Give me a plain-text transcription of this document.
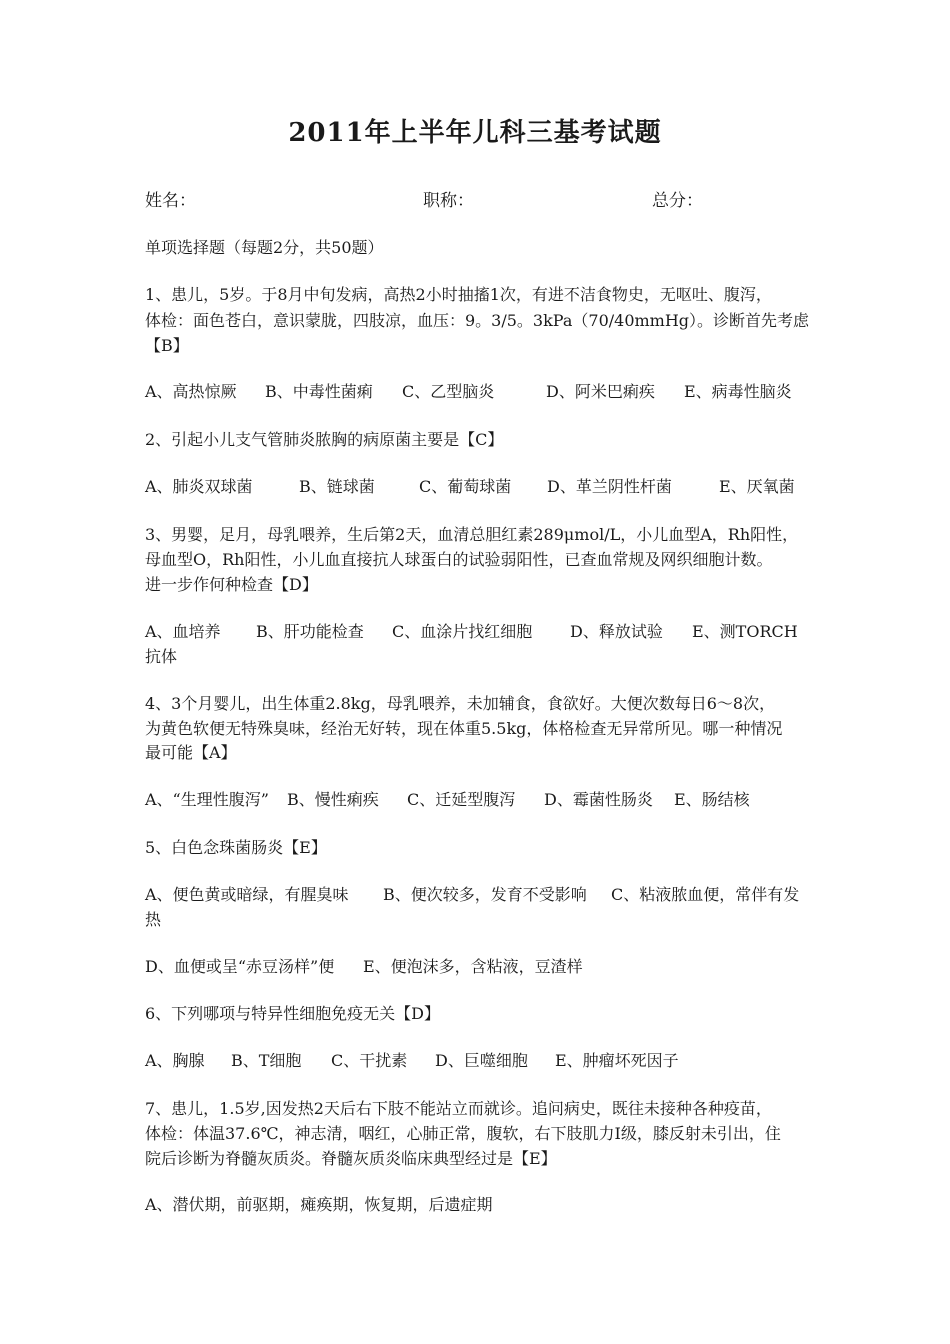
2011年上半年儿科三基考试题
姓名：	职称：	总分：
单项选择题（每题2分，共50题）
1、患儿，5岁。于8月中旬发病，高热2小时抽搐1次，有进不洁食物史，无呕吐、腹泻，
体检：面色苍白，意识蒙胧，四肢凉，血压：9。3/5。3kPa（70/40mmHg）。诊断首先考虑
【B】
A、高热惊厥 B、中毒性菌痢 C、乙型脑炎	D、阿米巴痢疾 E、病毒性脑炎
2、引起小儿支气管肺炎脓胸的病原菌主要是【C】
A、肺炎双球菌	B、链球菌	C、葡萄球菌 D、革兰阴性杆菌	E、厌氧菌
3、男婴，足月，母乳喂养，生后第2天，血清总胆红素289μmol/L，小儿血型A，Rh阳性，
母血型O，Rh阳性，小儿血直接抗人球蛋白的试验弱阳性，已查血常规及网织细胞计数。
进一步作何种检查【D】
A、血培养 B、肝功能检查 C、血涂片找红细胞 D、释放试验 E、测TORCH
抗体
4、3个月婴儿，出生体重2.8kg，母乳喂养，未加辅食，食欲好。大便次数每日6～8次，
为黄色软便无特殊臭味，经治无好转，现在体重5.5kg，体格检查无异常所见。哪一种情况
最可能【A】
A、“生理性腹泻” B、慢性痢疾 C、迁延型腹泻 D、霉菌性肠炎 E、肠结核
5、白色念珠菌肠炎【E】
A、便色黄或暗绿，有腥臭味 B、便次较多，发育不受影响 C、粘液脓血便，常伴有发
热
D、血便或呈“赤豆汤样”便 E、便泡沫多，含粘液，豆渣样
6、下列哪项与特异性细胞免疫无关【D】
A、胸腺 B、T细胞 C、干扰素 D、巨噬细胞 E、肿瘤坏死因子
7、患儿，1.5岁,因发热2天后右下肢不能站立而就诊。追问病史，既往未接种各种疫苗，
体检：体温37.6℃，神志清，咽红，心肺正常，腹软，右下肢肌力Ⅰ级，膝反射未引出，住
院后诊断为脊髓灰质炎。脊髓灰质炎临床典型经过是【E】
A、潜伏期，前驱期，瘫痪期，恢复期，后遗症期
